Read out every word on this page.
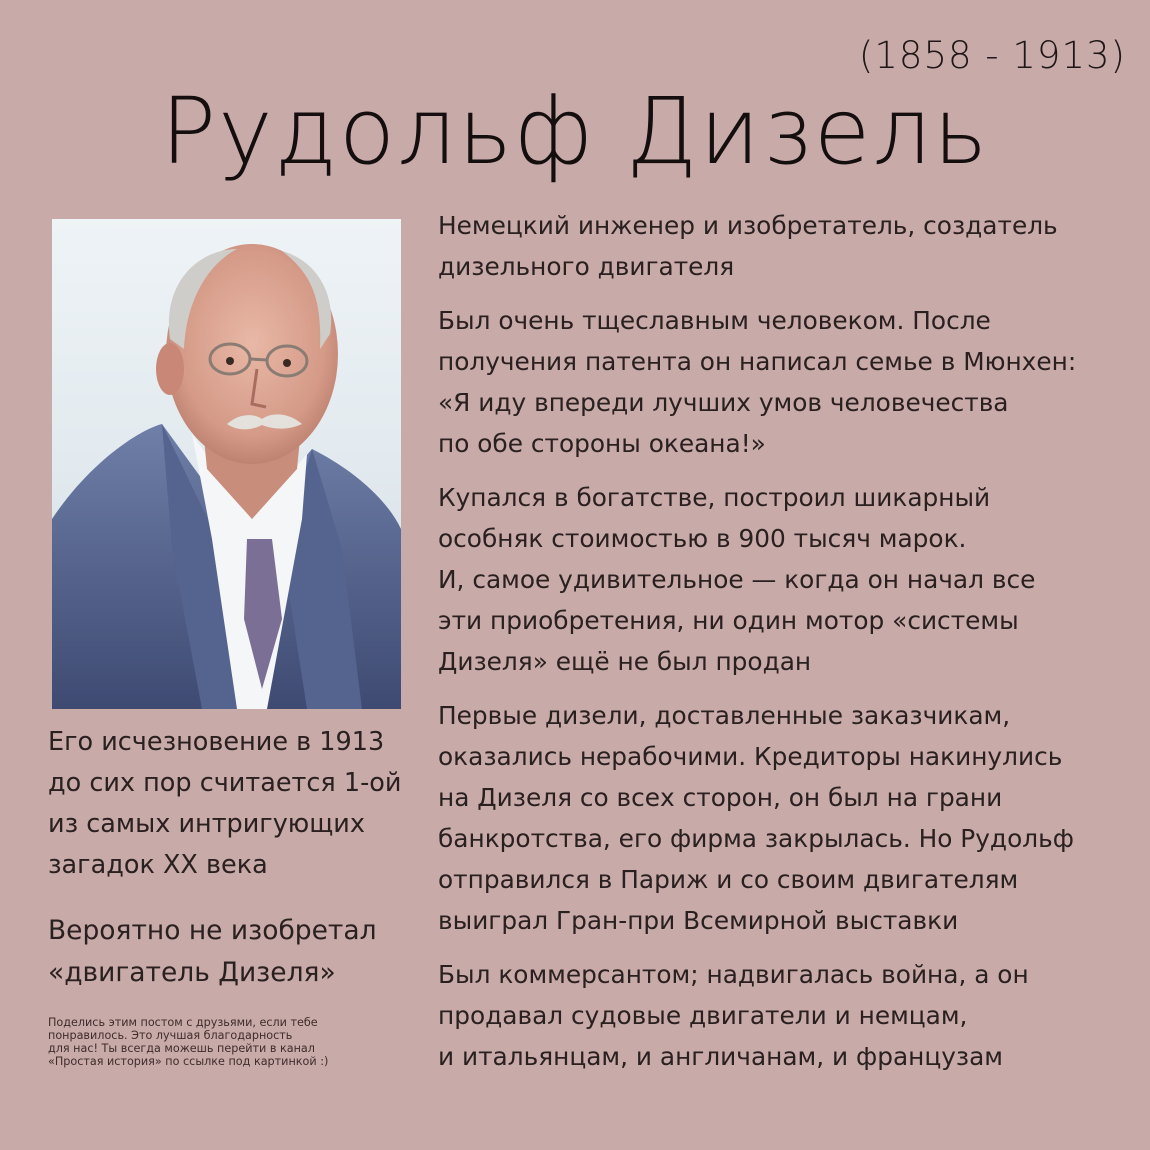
(1858 - 1913)
Рудольф Дизель
Его исчезновение в 1913
до сих пор считается 1-ой
из самых интригующих
загадок XX века
Вероятно не изобретал
«двигатель Дизеля»
Поделись этим постом с друзьями, если тебе
понравилось. Это лучшая благодарность
для нас! Ты всегда можешь перейти в канал
«Простая история» по ссылке под картинкой :)

Немецкий инженер и изобретатель, создатель
дизельного двигателя

Был очень тщеславным человеком. После
получения патента он написал семье в Мюнхен:
«Я иду впереди лучших умов человечества
по обе стороны океана!»

Купался в богатстве, построил шикарный
особняк стоимостью в 900 тысяч марок.
И, самое удивительное — когда он начал все
эти приобретения, ни один мотор «системы
Дизеля» ещё не был продан

Первые дизели, доставленные заказчикам,
оказались нерабочими. Кредиторы накинулись
на Дизеля со всех сторон, он был на грани
банкротства, его фирма закрылась. Но Рудольф
отправился в Париж и со своим двигателям
выиграл Гран-при Всемирной выставки

Был коммерсантом; надвигалась война, а он
продавал судовые двигатели и немцам,
и итальянцам, и англичанам, и французам
